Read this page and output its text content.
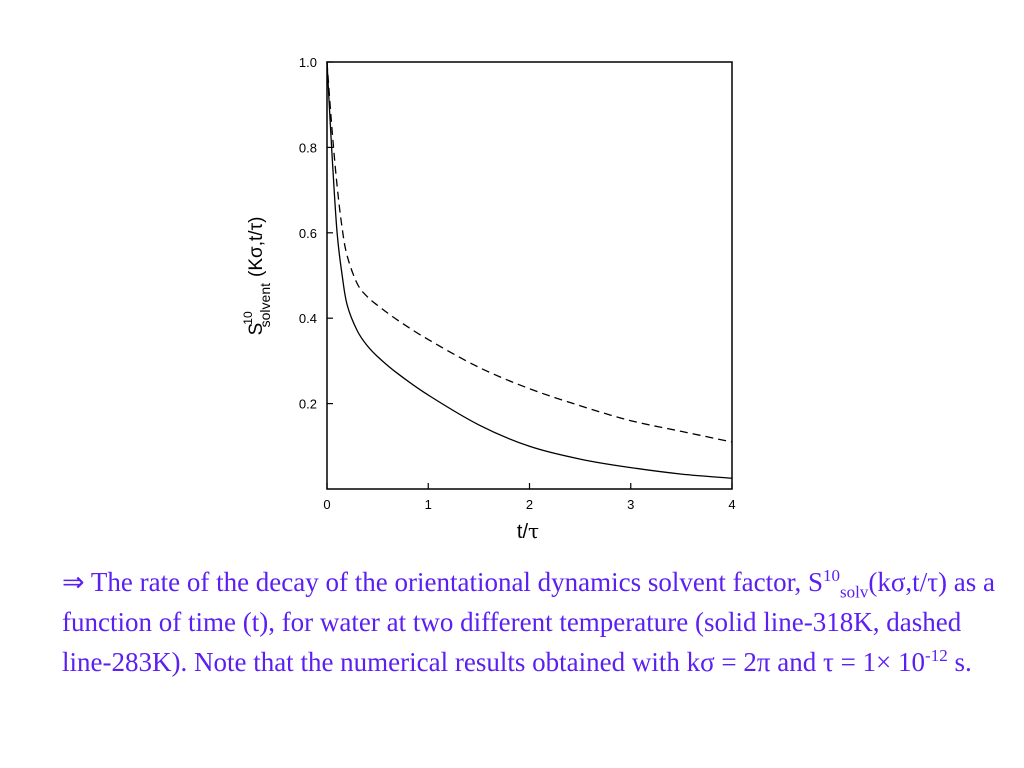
0	1	2	3	4
0.2
0.4
0.6
0.8
1.0
t/τ
S10 solvent(Kσ,t/τ)
⇒ The rate of the decay of the orientational dynamics solvent factor, $S^{10}_{solv}(k\sigma,t/\tau)$ as a function of time (t), for water at two different temperature (solid line-318K, dashed line-283K). Note that the numerical results obtained with kσ = 2π and $\tau = 1\times 10^{-12}$ s.
